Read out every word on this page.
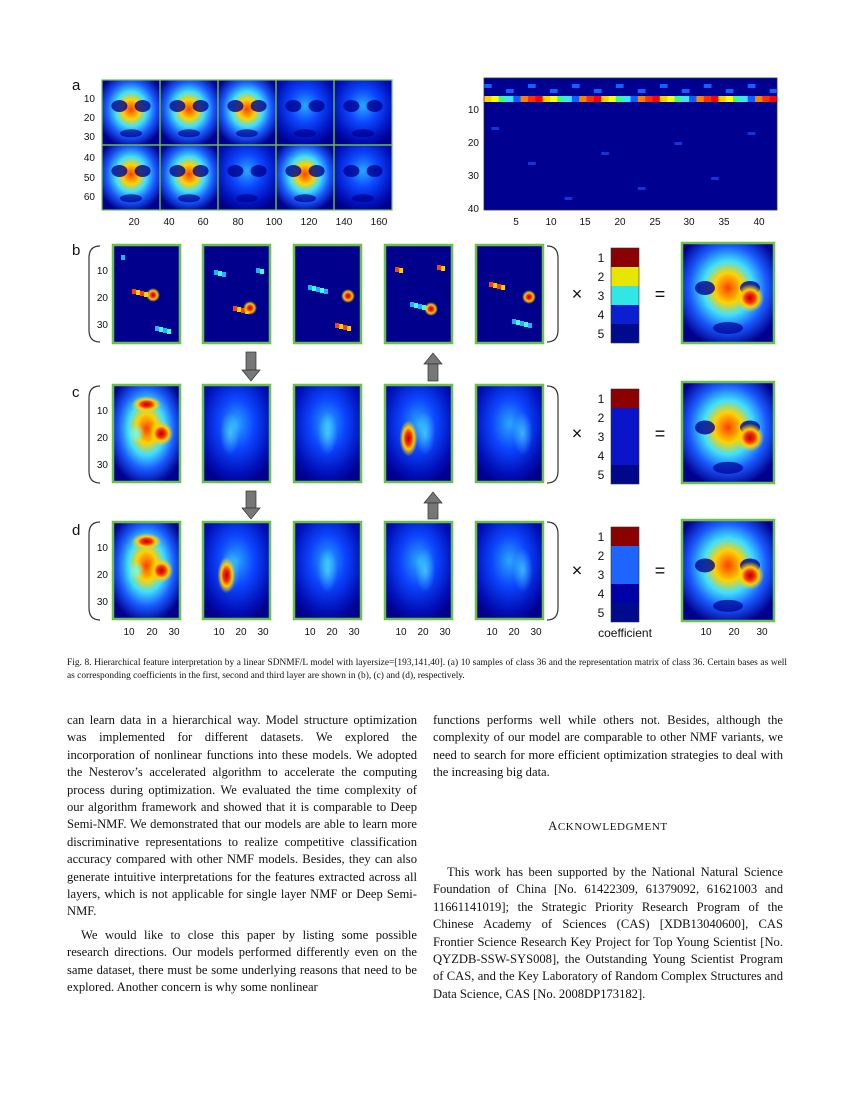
a
b
c
d
10
20
30
40
50
60
20 40 60 80 100 120 140 160
10
20
30
40
5	10 15 20 25 30 35 40
10
20
30
×
1
2
3
4
5
=
10
20
30
×
1
2
3
4
5
=
10
20
30
×
1
2
3
4
5
=
10 20 30	10 20 30	10 20 30	10 20 30	10 20 30	10 20 30
coefficient
Fig. 8. Hierarchical feature interpretation by a linear SDNMF/L model with layersize=[193,141,40]. (a) 10 samples of class 36 and the representation matrix of class 36. Certain bases as well as corresponding coefficients in the first, second and third layer are shown in (b), (c) and (d), respectively.

can learn data in a hierarchical way. Model structure optimization was implemented for different datasets. We explored the incorporation of nonlinear functions into these models. We adopted the Nesterov’s accelerated algorithm to accelerate the computing process during optimization. We evaluated the time complexity of our algorithm framework and showed that it is comparable to Deep Semi-NMF. We demonstrated that our models are able to learn more discriminative representations to realize competitive classification accuracy compared with other NMF models. Besides, they can also generate intuitive interpretations for the features extracted across all layers, which is not applicable for single layer NMF or Deep Semi-NMF.

We would like to close this paper by listing some possible research directions. Our models performed differently even on the same dataset, there must be some underlying reasons that need to be explored. Another concern is why some nonlinear

functions performs well while others not. Besides, although the complexity of our model are comparable to other NMF variants, we need to search for more efficient optimization strategies to deal with the increasing big data.

ACKNOWLEDGMENT

This work has been supported by the National Natural Science Foundation of China [No. 61422309, 61379092, 61621003 and 11661141019]; the Strategic Priority Research Program of the Chinese Academy of Sciences (CAS) [XDB13040600], CAS Frontier Science Research Key Project for Top Young Scientist [No. QYZDB-SSW-SYS008], the Outstanding Young Scientist Program of CAS, and the Key Laboratory of Random Complex Structures and Data Science, CAS [No. 2008DP173182].
